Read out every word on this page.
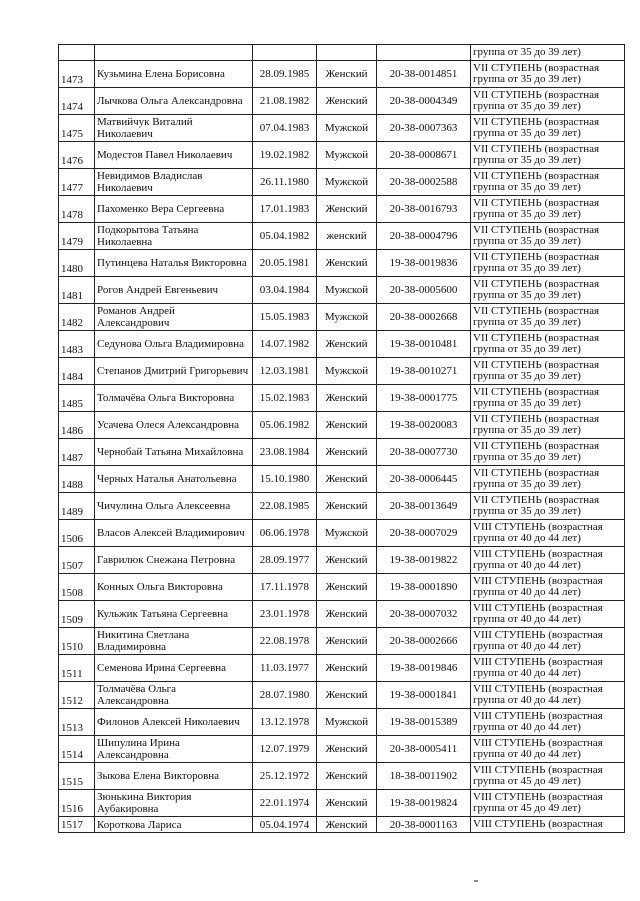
					группа от 35 до 39 лет)
1473	Кузьмина Елена Борисовна	28.09.1985	Женский	20-38-0014851	VII СТУПЕНЬ (возрастная группа от 35 до 39 лет)
1474	Лычкова Ольга Александровна	21.08.1982	Женский	20-38-0004349	VII СТУПЕНЬ (возрастная группа от 35 до 39 лет)
1475	Матвийчук Виталий Николаевич	07.04.1983	Мужской	20-38-0007363	VII СТУПЕНЬ (возрастная группа от 35 до 39 лет)
1476	Модестов Павел Николаевич	19.02.1982	Мужской	20-38-0008671	VII СТУПЕНЬ (возрастная группа от 35 до 39 лет)
1477	Невидимов Владислав Николаевич	26.11.1980	Мужской	20-38-0002588	VII СТУПЕНЬ (возрастная группа от 35 до 39 лет)
1478	Пахоменко Вера Сергеевна	17.01.1983	Женский	20-38-0016793	VII СТУПЕНЬ (возрастная группа от 35 до 39 лет)
1479	Подкорытова Татьяна Николаевна	05.04.1982	женский	20-38-0004796	VII СТУПЕНЬ (возрастная группа от 35 до 39 лет)
1480	Путинцева Наталья Викторовна	20.05.1981	Женский	19-38-0019836	VII СТУПЕНЬ (возрастная группа от 35 до 39 лет)
1481	Рогов Андрей Евгеньевич	03.04.1984	Мужской	20-38-0005600	VII СТУПЕНЬ (возрастная группа от 35 до 39 лет)
1482	Романов Андрей Александрович	15.05.1983	Мужской	20-38-0002668	VII СТУПЕНЬ (возрастная группа от 35 до 39 лет)
1483	Седунова Ольга Владимировна	14.07.1982	Женский	19-38-0010481	VII СТУПЕНЬ (возрастная группа от 35 до 39 лет)
1484	Степанов Дмитрий Григорьевич	12.03.1981	Мужской	19-38-0010271	VII СТУПЕНЬ (возрастная группа от 35 до 39 лет)
1485	Толмачёва Ольга Викторовна	15.02.1983	Женский	19-38-0001775	VII СТУПЕНЬ (возрастная группа от 35 до 39 лет)
1486	Усачева Олеся Александровна	05.06.1982	Женский	19-38-0020083	VII СТУПЕНЬ (возрастная группа от 35 до 39 лет)
1487	Чернобай Татьяна Михайловна	23.08.1984	Женский	20-38-0007730	VII СТУПЕНЬ (возрастная группа от 35 до 39 лет)
1488	Черных Наталья Анатольевна	15.10.1980	Женский	20-38-0006445	VII СТУПЕНЬ (возрастная группа от 35 до 39 лет)
1489	Чичулина Ольга Алексеевна	22.08.1985	Женский	20-38-0013649	VII СТУПЕНЬ (возрастная группа от 35 до 39 лет)
1506	Власов Алексей Владимирович	06.06.1978	Мужской	20-38-0007029	VIII СТУПЕНЬ (возрастная группа от 40 до 44 лет)
1507	Гаврилюк Снежана Петровна	28.09.1977	Женский	19-38-0019822	VIII СТУПЕНЬ (возрастная группа от 40 до 44 лет)
1508	Конных Ольга Викторовна	17.11.1978	Женский	19-38-0001890	VIII СТУПЕНЬ (возрастная группа от 40 до 44 лет)
1509	Кульжик Татьяна Сергеевна	23.01.1978	Женский	20-38-0007032	VIII СТУПЕНЬ (возрастная группа от 40 до 44 лет)
1510	Никитина Светлана Владимировна	22.08.1978	Женский	20-38-0002666	VIII СТУПЕНЬ (возрастная группа от 40 до 44 лет)
1511	Семенова Ирина Сергеевна	11.03.1977	Женский	19-38-0019846	VIII СТУПЕНЬ (возрастная группа от 40 до 44 лет)
1512	Толмачёва Ольга Александровна	28.07.1980	Женский	19-38-0001841	VIII СТУПЕНЬ (возрастная группа от 40 до 44 лет)
1513	Филонов Алексей Николаевич	13.12.1978	Мужской	19-38-0015389	VIII СТУПЕНЬ (возрастная группа от 40 до 44 лет)
1514	Шипулина Ирина Александровна	12.07.1979	Женский	20-38-0005411	VIII СТУПЕНЬ (возрастная группа от 40 до 44 лет)
1515	Зыкова Елена Викторовна	25.12.1972	Женский	18-38-0011902	VIII СТУПЕНЬ (возрастная группа от 45 до 49 лет)
1516	Зюнькина Виктория Аубакировна	22.01.1974	Женский	19-38-0019824	VIII СТУПЕНЬ (возрастная группа от 45 до 49 лет)
1517	Короткова Лариса	05.04.1974	Женский	20-38-0001163	VIII СТУПЕНЬ (возрастная
